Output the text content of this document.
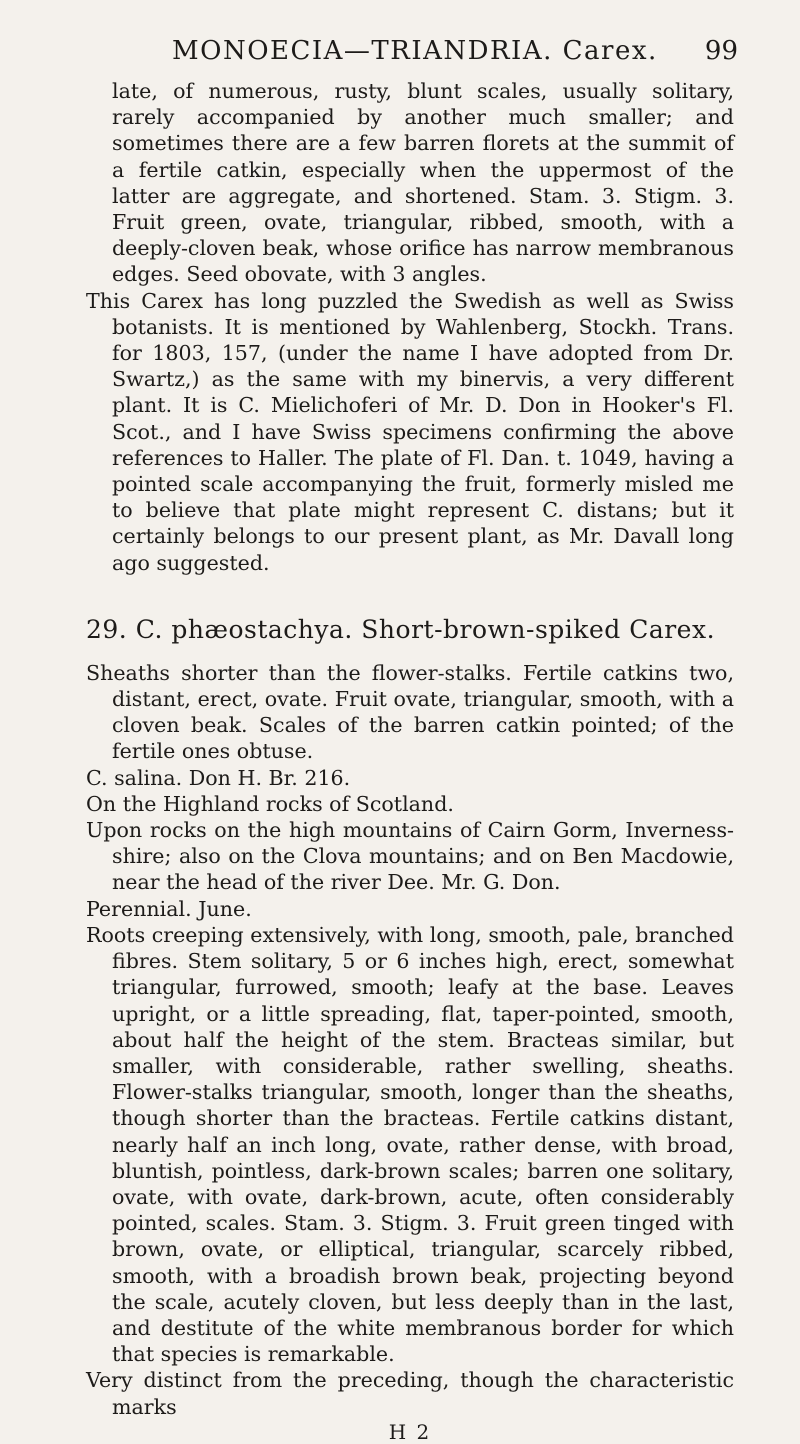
MONOECIA—TRIANDRIA. Carex. 99

late, of numerous, rusty, blunt scales, usually solitary, rarely accompanied by another much smaller; and sometimes there are a few barren florets at the summit of a fertile catkin, especially when the uppermost of the latter are aggregate, and shortened. Stam. 3. Stigm. 3. Fruit green, ovate, triangular, ribbed, smooth, with a deeply-cloven beak, whose orifice has narrow membranous edges. Seed obovate, with 3 angles.

This Carex has long puzzled the Swedish as well as Swiss botanists. It is mentioned by Wahlenberg, Stockh. Trans. for 1803, 157, (under the name I have adopted from Dr. Swartz,) as the same with my binervis, a very different plant. It is C. Mielichoferi of Mr. D. Don in Hooker's Fl. Scot., and I have Swiss specimens confirming the above references to Haller. The plate of Fl. Dan. t. 1049, having a pointed scale accompanying the fruit, formerly misled me to believe that plate might represent C. distans; but it certainly belongs to our present plant, as Mr. Davall long ago suggested.

29. C. phæostachya. Short-brown-spiked Carex.

Sheaths shorter than the flower-stalks. Fertile catkins two, distant, erect, ovate. Fruit ovate, triangular, smooth, with a cloven beak. Scales of the barren catkin pointed; of the fertile ones obtuse.

C. salina. Don H. Br. 216.

On the Highland rocks of Scotland.

Upon rocks on the high mountains of Cairn Gorm, Inverness-shire; also on the Clova mountains; and on Ben Macdowie, near the head of the river Dee. Mr. G. Don.

Perennial. June.

Roots creeping extensively, with long, smooth, pale, branched fibres. Stem solitary, 5 or 6 inches high, erect, somewhat triangular, furrowed, smooth; leafy at the base. Leaves upright, or a little spreading, flat, taper-pointed, smooth, about half the height of the stem. Bracteas similar, but smaller, with considerable, rather swelling, sheaths. Flower-stalks triangular, smooth, longer than the sheaths, though shorter than the bracteas. Fertile catkins distant, nearly half an inch long, ovate, rather dense, with broad, bluntish, pointless, dark-brown scales; barren one solitary, ovate, with ovate, dark-brown, acute, often considerably pointed, scales. Stam. 3. Stigm. 3. Fruit green tinged with brown, ovate, or elliptical, triangular, scarcely ribbed, smooth, with a broadish brown beak, projecting beyond the scale, acutely cloven, but less deeply than in the last, and destitute of the white membranous border for which that species is remarkable.

Very distinct from the preceding, though the characteristic marks

H 2
